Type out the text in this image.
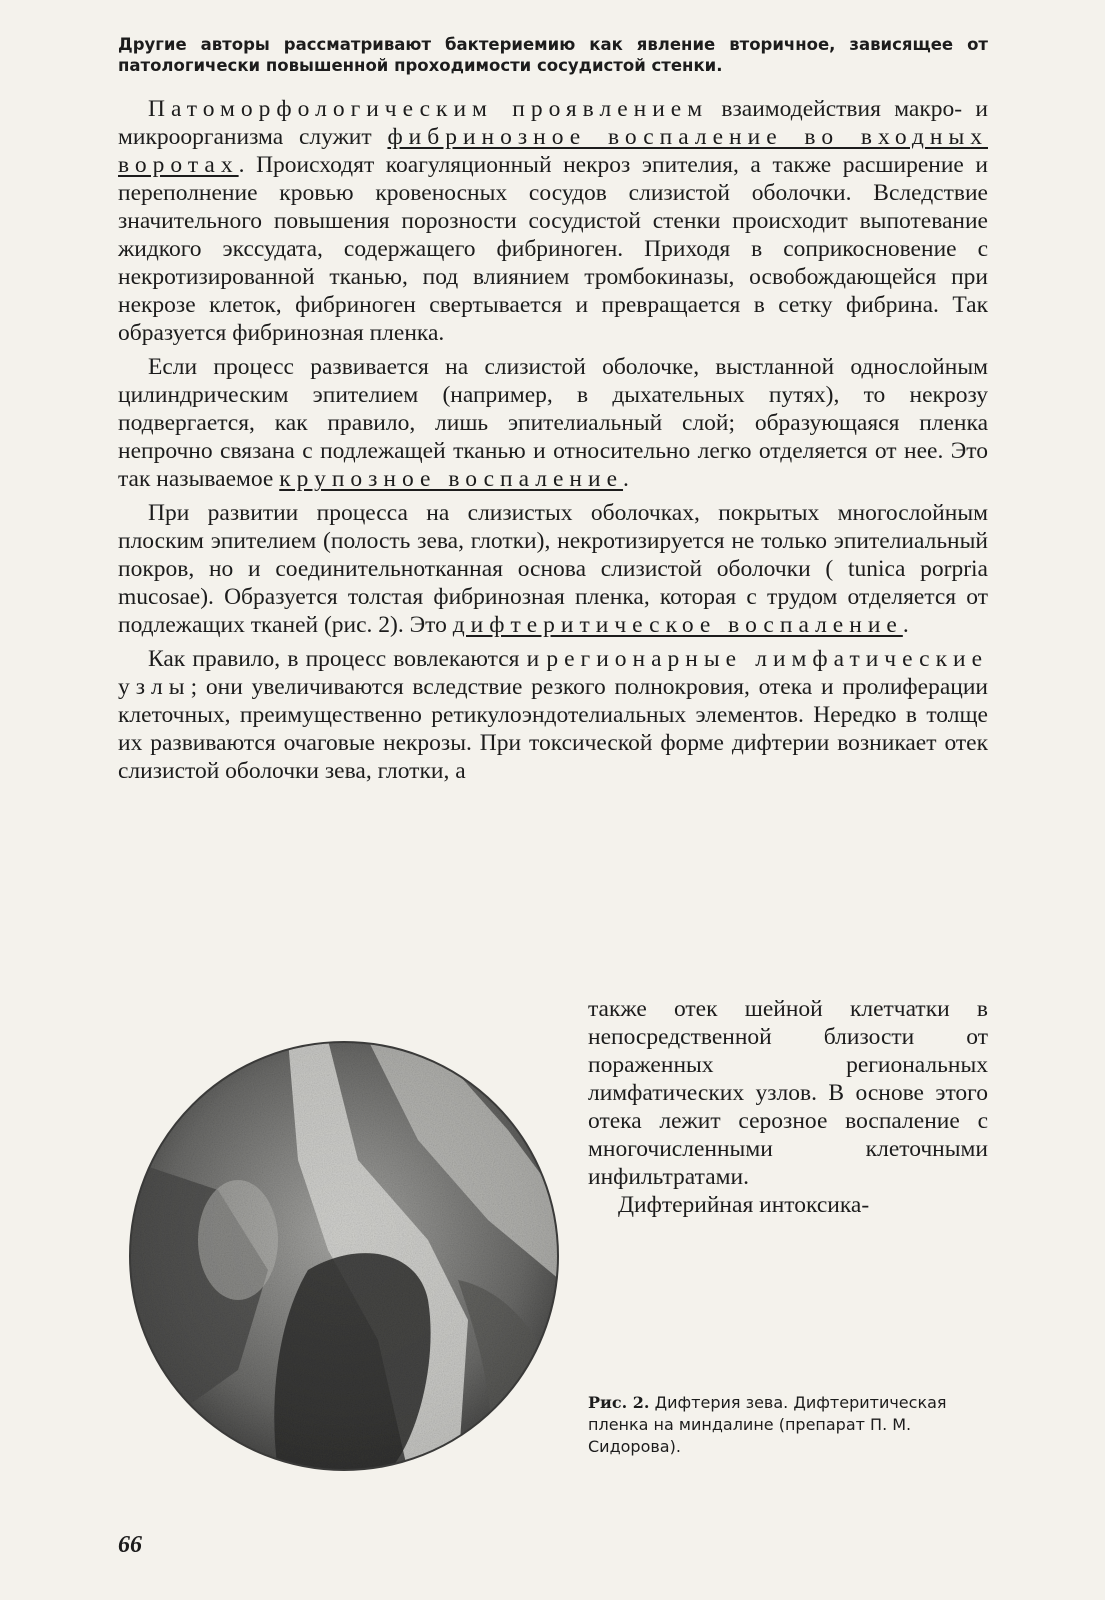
Другие авторы рассматривают бактериемию как явление вторичное, зависящее от патологически повышенной проходимости сосудистой стенки.

Патоморфологическим проявлением взаимодействия макро- и микроорганизма служит фибринозное воспаление во входных воротах. Происходят коагуляционный некроз эпителия, а также расширение и переполнение кровью кровеносных сосудов слизистой оболочки. Вследствие значительного повышения порозности сосудистой стенки происходит выпотевание жидкого экссудата, содержащего фибриноген. Приходя в соприкосновение с некротизированной тканью, под влиянием тромбокиназы, освобождающейся при некрозе клеток, фибриноген свертывается и превращается в сетку фибрина. Так образуется фибринозная пленка.

Если процесс развивается на слизистой оболочке, выстланной однослойным цилиндрическим эпителием (например, в дыхательных путях), то некрозу подвергается, как правило, лишь эпителиальный слой; образующаяся пленка непрочно связана с подлежащей тканью и относительно легко отделяется от нее. Это так называемое крупозное воспаление.

При развитии процесса на слизистых оболочках, покрытых многослойным плоским эпителием (полость зева, глотки), некротизируется не только эпителиальный покров, но и соединительнотканная основа слизистой оболочки ( tunica porpria mucosae). Образуется толстая фибринозная пленка, которая с трудом отделяется от подлежащих тканей (рис. 2). Это дифтеритическое воспаление.

Как правило, в процесс вовлекаются и регионарные лимфатические узлы; они увеличиваются вследствие резкого полнокровия, отека и пролиферации клеточных, преимущественно ретикулоэндотелиальных элементов. Нередко в толще их развиваются очаговые некрозы. При токсической форме дифтерии возникает отек слизистой оболочки зева, глотки, а

также отек шейной клетчатки в непосредственной близости от пораженных региональных лимфатических узлов. В основе этого отека лежит серозное воспаление с многочисленными клеточными инфильтратами.

Дифтерийная интоксика-

Рис. 2. Дифтерия зева. Дифтеритическая пленка на миндалине (препарат П. М. Сидорова).
66
